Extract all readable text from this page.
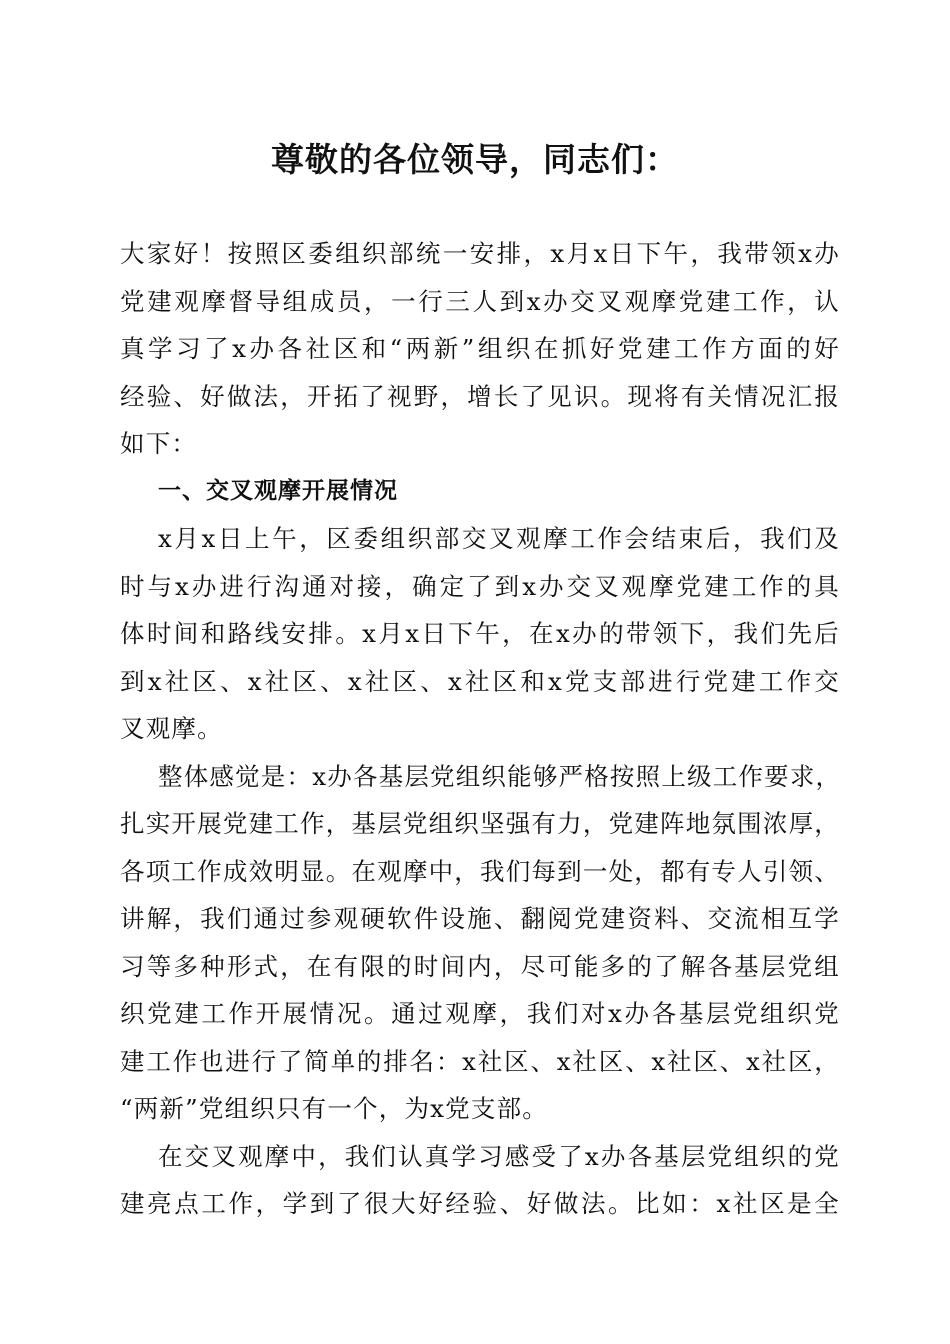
尊敬的各位领导，同志们：
大家好！按照区委组织部统一安排，x月x日下午，我带领x办
党建观摩督导组成员，一行三人到x办交叉观摩党建工作，认
真学习了x办各社区和“两新”组织在抓好党建工作方面的好
经验、好做法，开拓了视野，增长了见识。现将有关情况汇报
如下：
一、交叉观摩开展情况
x月x日上午，区委组织部交叉观摩工作会结束后，我们及
时与x办进行沟通对接，确定了到x办交叉观摩党建工作的具
体时间和路线安排。x月x日下午，在x办的带领下，我们先后
到x社区、x社区、x社区、x社区和x党支部进行党建工作交
叉观摩。
整体感觉是：x办各基层党组织能够严格按照上级工作要求，
扎实开展党建工作，基层党组织坚强有力，党建阵地氛围浓厚，
各项工作成效明显。在观摩中，我们每到一处，都有专人引领、
讲解，我们通过参观硬软件设施、翻阅党建资料、交流相互学
习等多种形式，在有限的时间内，尽可能多的了解各基层党组
织党建工作开展情况。通过观摩，我们对x办各基层党组织党
建工作也进行了简单的排名：x社区、x社区、x社区、x社区，
“两新”党组织只有一个，为x党支部。
在交叉观摩中，我们认真学习感受了x办各基层党组织的党
建亮点工作，学到了很大好经验、好做法。比如：x社区是全
